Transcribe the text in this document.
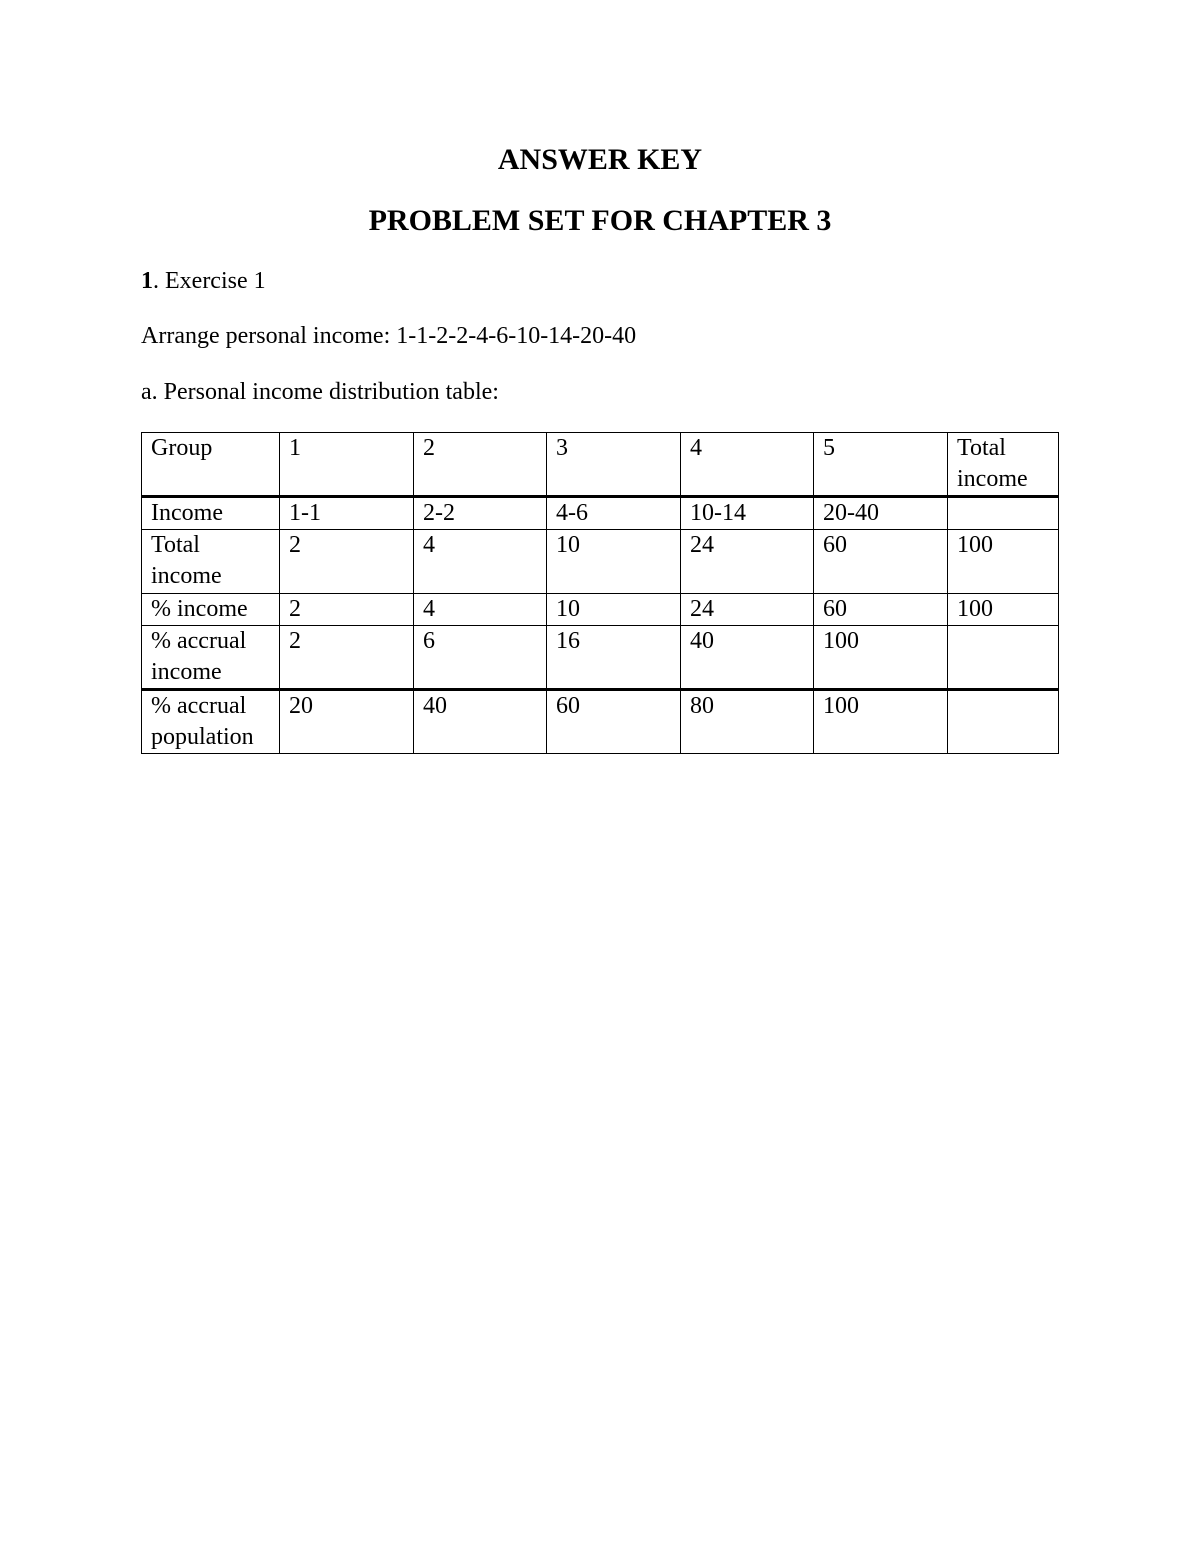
ANSWER KEY
PROBLEM SET FOR CHAPTER 3

1. Exercise 1

Arrange personal income: 1-1-2-2-4-6-10-14-20-40

a. Personal income distribution table:

Group	1	2	3	4	5	Total income
Income	1-1	2-2	4-6	10-14	20-40	
Total income	2	4	10	24	60	100
% income	2	4	10	24	60	100
% accrual income	2	6	16	40	100	
% accrual population	20	40	60	80	100	
